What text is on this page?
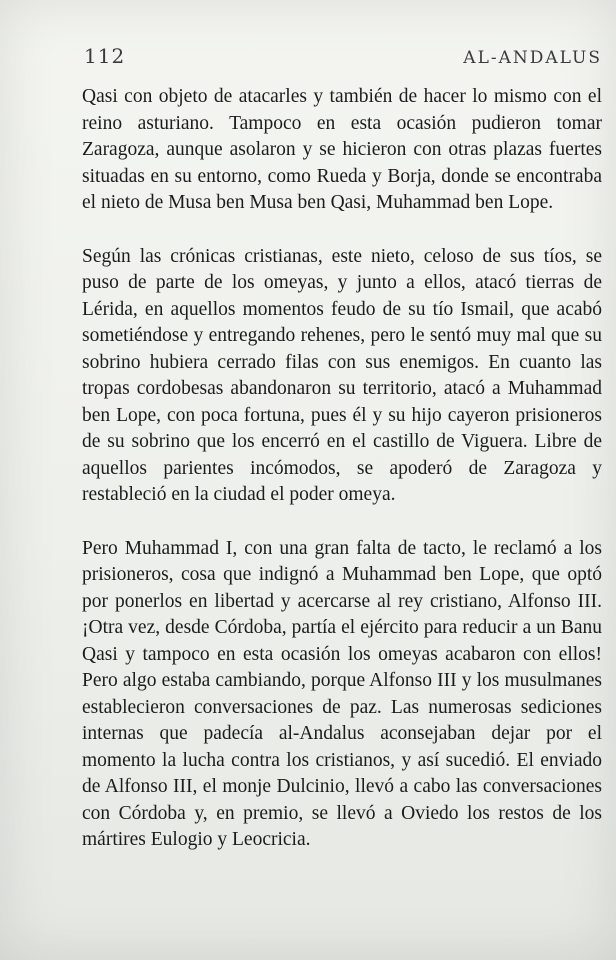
112	AL-ANDALUS

Qasi con objeto de atacarles y también de hacer lo mismo con el reino asturiano. Tampoco en esta ocasión pudieron tomar Zaragoza, aunque asolaron y se hicieron con otras plazas fuertes situadas en su entorno, como Rueda y Borja, donde se encontraba el nieto de Musa ben Musa ben Qasi, Muhammad ben Lope.

Según las crónicas cristianas, este nieto, celoso de sus tíos, se puso de parte de los omeyas, y junto a ellos, atacó tierras de Lérida, en aquellos momentos feudo de su tío Ismail, que acabó sometiéndose y entregando rehenes, pero le sentó muy mal que su sobrino hubiera cerrado filas con sus enemigos. En cuanto las tropas cordobesas abandonaron su territorio, atacó a Muhammad ben Lope, con poca fortuna, pues él y su hijo cayeron prisioneros de su sobrino que los encerró en el castillo de Viguera. Libre de aquellos parientes incómodos, se apoderó de Zaragoza y restableció en la ciudad el poder omeya.

Pero Muhammad I, con una gran falta de tacto, le reclamó a los prisioneros, cosa que indignó a Muhammad ben Lope, que optó por ponerlos en libertad y acercarse al rey cristiano, Alfonso III. ¡Otra vez, desde Córdoba, partía el ejército para reducir a un Banu Qasi y tampoco en esta ocasión los omeyas acabaron con ellos! Pero algo estaba cambiando, porque Alfonso III y los musulmanes establecieron conversaciones de paz. Las numerosas sediciones internas que padecía al-Andalus aconsejaban dejar por el momento la lucha contra los cristianos, y así sucedió. El enviado de Alfonso III, el monje Dulcinio, llevó a cabo las conversaciones con Córdoba y, en premio, se llevó a Oviedo los restos de los mártires Eulogio y Leocricia.
